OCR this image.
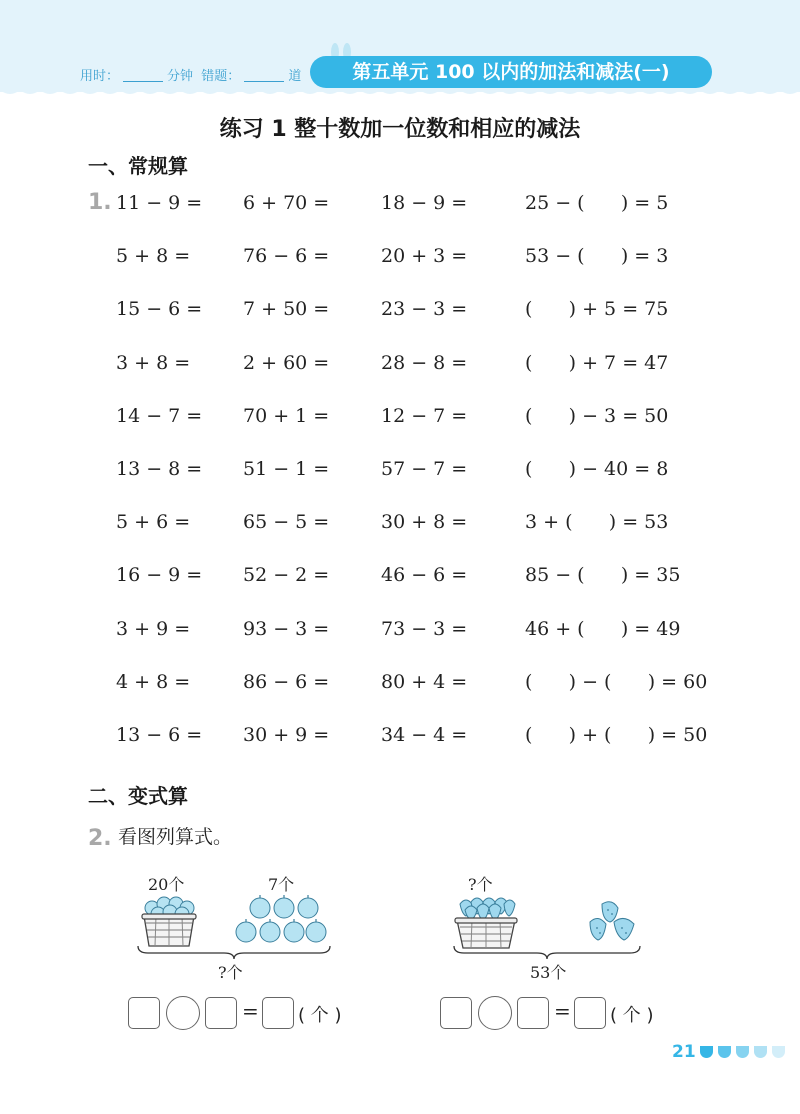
用时：	分钟 错题：	道	第五单元 100 以内的加法和减法(一)
练习 1 整十数加一位数和相应的减法
一、常规算
1. 11 − 9 = 6 + 70 =	18 − 9 =	25 − (      ) = 5
5 + 8 =	76 − 6 =	20 + 3 =	53 − (      ) = 3
15 − 6 = 7 + 50 =	23 − 3 =	(      ) + 5 = 75
3 + 8 =	2 + 60 =	28 − 8 =	(      ) + 7 = 47
14 − 7 = 70 + 1 =	12 − 7 =	(      ) − 3 = 50
13 − 8 = 51 − 1 =	57 − 7 =	(      ) − 40 = 8
5 + 6 =	65 − 5 =	30 + 8 =	3 + (      ) = 53
16 − 9 = 52 − 2 =	46 − 6 =	85 − (      ) = 35
3 + 9 =	93 − 3 =	73 − 3 =	46 + (      ) = 49
4 + 8 =	86 − 6 =	80 + 4 =	(      ) − (      ) = 60
13 − 6 = 30 + 9 =	34 − 4 =	(      ) + (      ) = 50
二、变式算
2. 看图列算式。
20个	7个
?个
= ( 个 )
?个
53个
= ( 个 )
21
